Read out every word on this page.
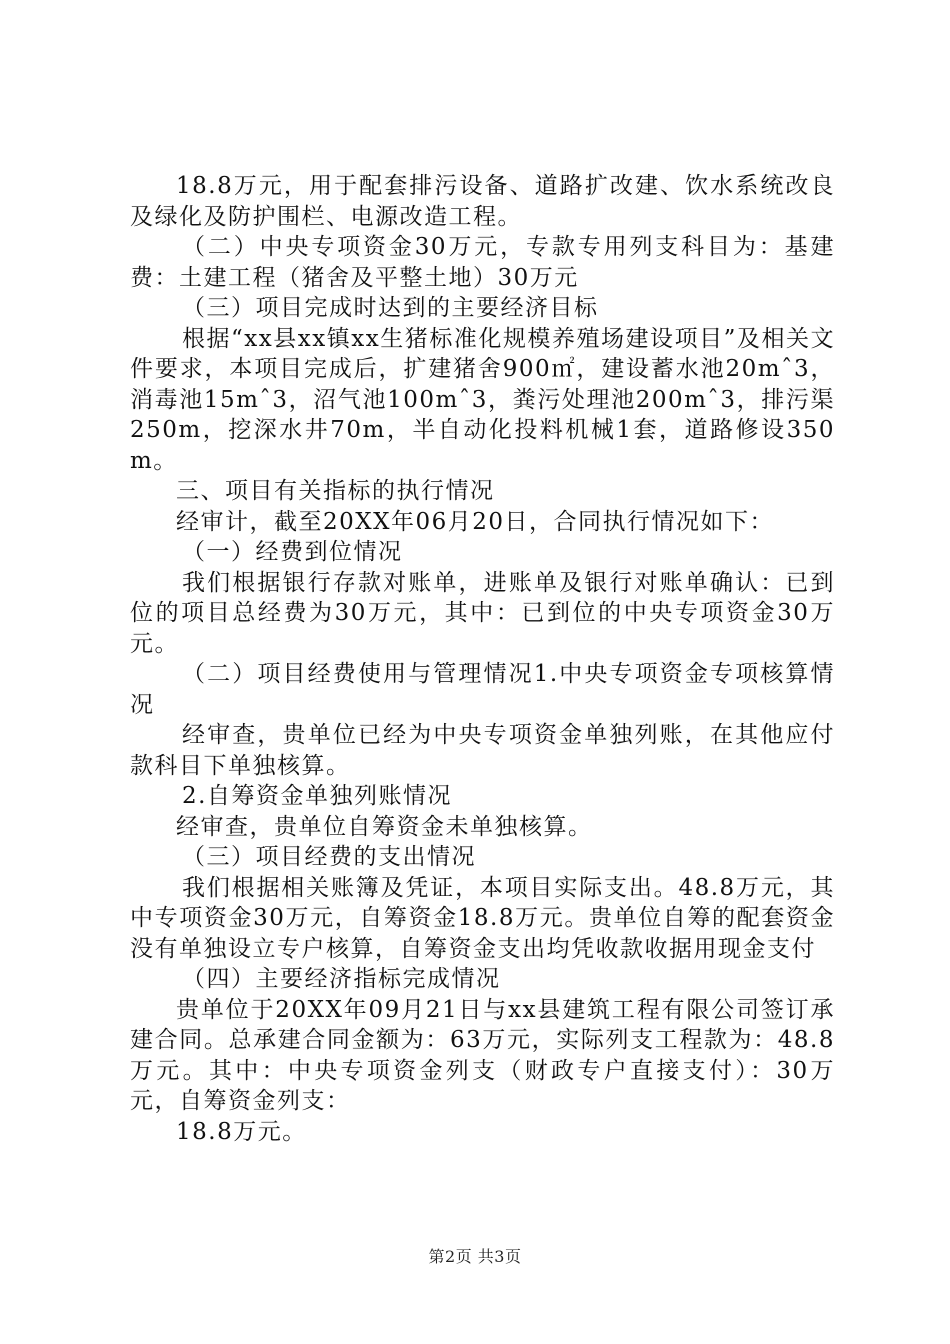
18.8万元，用于配套排污设备、道路扩改建、饮水系统改良及绿化及防护围栏、电源改造工程。

（二）中央专项资金30万元，专款专用列支科目为：基建费：土建工程（猪舍及平整土地）30万元

（三）项目完成时达到的主要经济目标

根据“xx县xx镇xx生猪标准化规模养殖场建设项目”及相关文件要求，本项目完成后，扩建猪舍900㎡，建设蓄水池20mˆ3，消毒池15mˆ3，沼气池100mˆ3，粪污处理池200mˆ3，排污渠250m，挖深水井70m，半自动化投料机械1套，道路修设350m。

三、项目有关指标的执行情况

经审计，截至20XX年06月20日，合同执行情况如下：

（一）经费到位情况

我们根据银行存款对账单，进账单及银行对账单确认：已到位的项目总经费为30万元，其中：已到位的中央专项资金30万元。

（二）项目经费使用与管理情况1.中央专项资金专项核算情况

经审查，贵单位已经为中央专项资金单独列账，在其他应付款科目下单独核算。

2.自筹资金单独列账情况

经审查，贵单位自筹资金未单独核算。

（三）项目经费的支出情况

我们根据相关账簿及凭证，本项目实际支出。48.8万元，其中专项资金30万元，自筹资金18.8万元。贵单位自筹的配套资金没有单独设立专户核算，自筹资金支出均凭收款收据用现金支付

（四）主要经济指标完成情况

贵单位于20XX年09月21日与xx县建筑工程有限公司签订承建合同。总承建合同金额为：63万元，实际列支工程款为：48.8万元。其中：中央专项资金列支（财政专户直接支付）：30万元，自筹资金列支：

18.8万元。

第2页 共3页
